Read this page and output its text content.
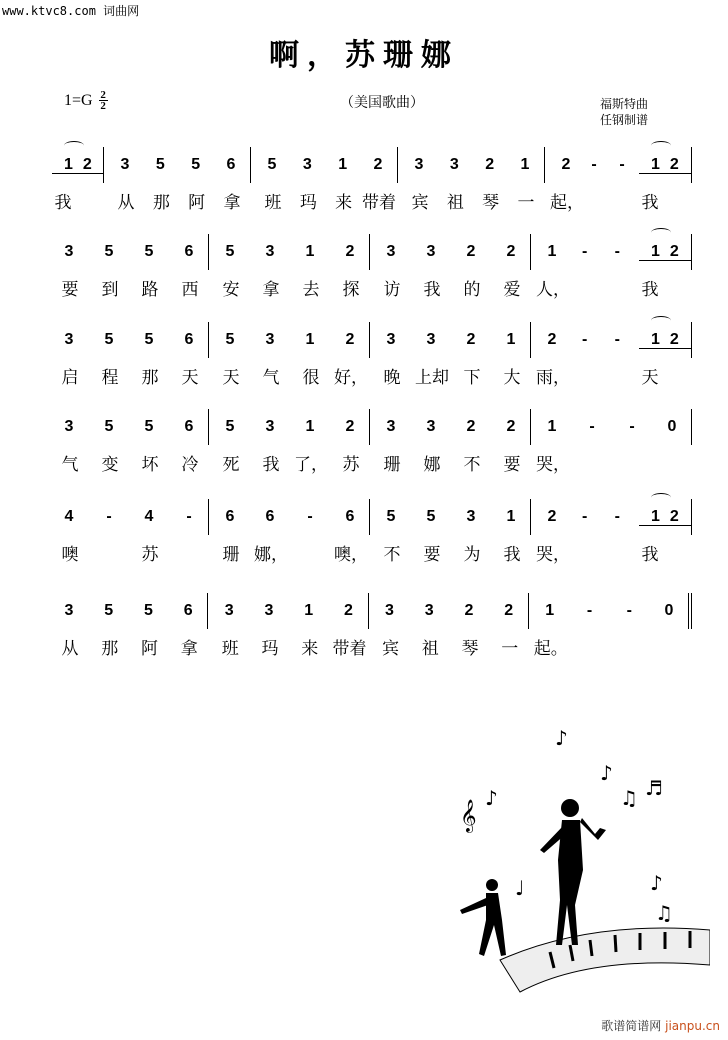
www.ktvc8.com 词曲网
啊，苏珊娜
$1=G \frac{2}{2}$	（美国歌曲）	福斯特曲
任钢制谱
12
我
3
从
5
那
5
阿
6
拿
5
班
3
玛
1
来
2
带着
3
宾
3
祖
2
琴
1
一
2
起，
-	-	12
我
3
要
5
到
5
路
6
西
5
安
3
拿
1
去
2
探
3
访
3
我
2
的
2
爱
1
人，
-	-	12
我
3
启
5
程
5
那
6
天
5
天
3
气
1
很
2
好，
3
晚
3
上却
2
下
1
大
2
雨，
-	-	12
天
3
气
5
变
5
坏
6
冷
5
死
3
我
1
了，
2
苏
3
珊
3
娜
2
不
2
要
1
哭，
-	-	0
4
噢
-	4
苏
-	6
珊
6
娜，
-	6
噢，
5
不
5
要
3
为
1
我
2
哭，
-	-	12
我
3
从
5
那
5
阿
6
拿
3
班
3
玛
1
来
2
带着
3
宾
3
祖
2
琴
2
一
1
起。
-	-	0
♪
♫ ♬
𝄞
♪
♪
♫
♩
♪
歌谱简谱网 jianpu.cn
